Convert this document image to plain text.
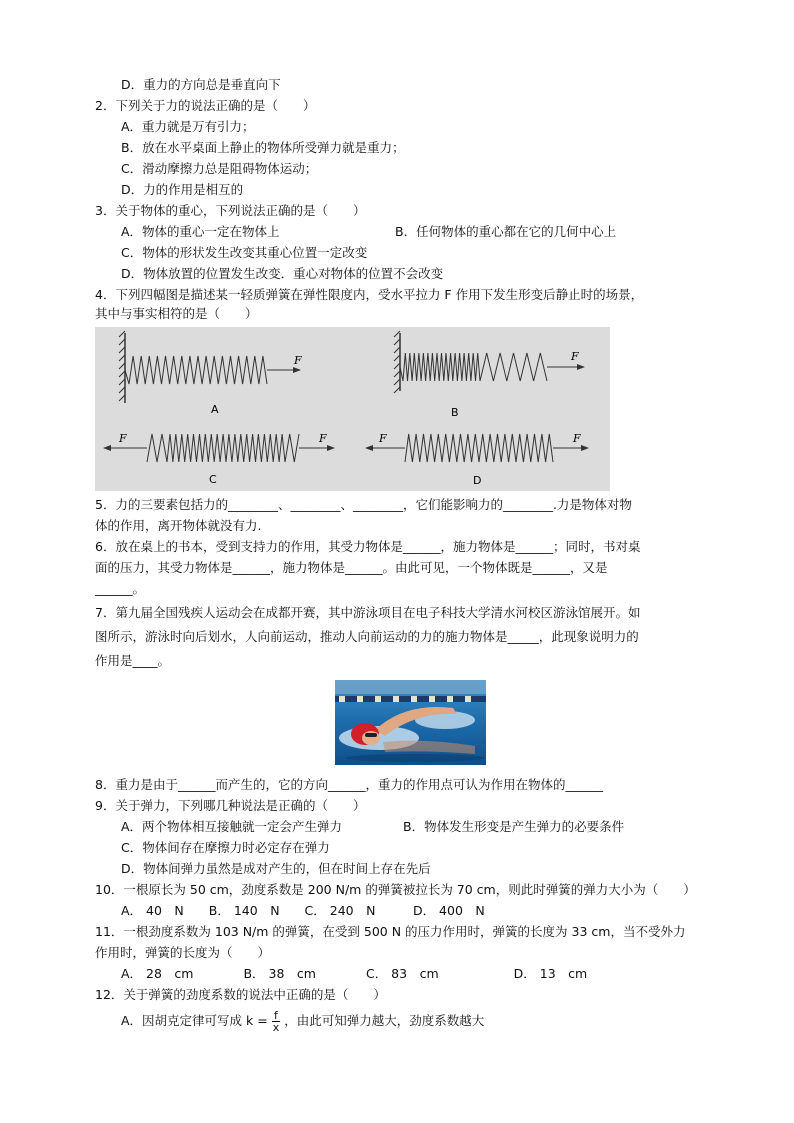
D．重力的方向总是垂直向下
2．下列关于力的说法正确的是（　　）
A．重力就是万有引力；
B．放在水平桌面上静止的物体所受弹力就是重力；
C．滑动摩擦力总是阻碍物体运动；
D．力的作用是相互的
3．关于物体的重心，下列说法正确的是（　　）
A．物体的重心一定在物体上	B．任何物体的重心都在它的几何中心上
C．物体的形状发生改变其重心位置一定改变
D．物体放置的位置发生改变．重心对物体的位置不会改变
4．下列四幅图是描述某一轻质弹簧在弹性限度内，受水平拉力 F 作用下发生形变后静止时的场景，
其中与事实相符的是（　　）
F
A
F
B
F	F
C
F	F
D
5．力的三要素包括力的________、________、________，它们能影响力的________.力是物体对物
体的作用，离开物体就没有力.
6．放在桌上的书本，受到支持力的作用，其受力物体是______，施力物体是______；同时，书对桌
面的压力，其受力物体是______，施力物体是______。由此可见，一个物体既是______，又是
______。
7．第九届全国残疾人运动会在成都开赛，其中游泳项目在电子科技大学清水河校区游泳馆展开。如
图所示，游泳时向后划水，人向前运动，推动人向前运动的力的施力物体是_____，此现象说明力的
作用是____。
8．重力是由于______而产生的，它的方向______，重力的作用点可认为作用在物体的______
9．关于弹力，下列哪几种说法是正确的（　　）
A．两个物体相互接触就一定会产生弹力	B．物体发生形变是产生弹力的必要条件
C．物体间存在摩擦力时必定存在弹力
D．物体间弹力虽然是成对产生的，但在时间上存在先后
10．一根原长为 50 cm，劲度系数是 200 N/m 的弹簧被拉长为 70 cm，则此时弹簧的弹力大小为（　　）
A． 40　N　　B． 140　N　　C． 240　N　　　D． 400　N
11．一根劲度系数为 103 N/m 的弹簧，在受到 500 N 的压力作用时，弹簧的长度为 33 cm，当不受外力
作用时，弹簧的长度为（　　）
A． 28　cm　　　　B． 38　cm　　　　C． 83　cm　　　　　　D． 13　cm
12．关于弹簧的劲度系数的说法中正确的是（　　）
A．因胡克定律可写成 $k = \frac{f}{x}$ ，由此可知弹力越大，劲度系数越大
